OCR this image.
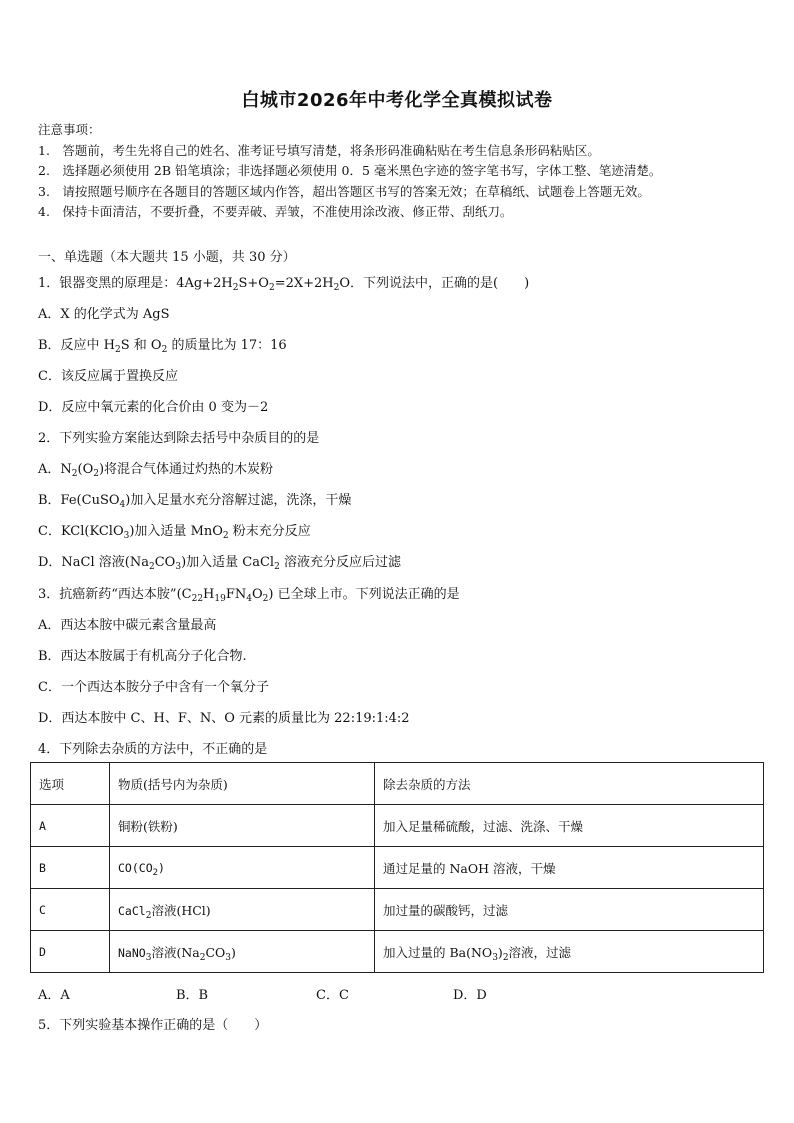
白城市2026年中考化学全真模拟试卷
注意事项：
1.　答题前，考生先将自己的姓名、准考证号填写清楚，将条形码准确粘贴在考生信息条形码粘贴区。
2.　选择题必须使用 2B 铅笔填涂；非选择题必须使用 0．5 毫米黑色字迹的签字笔书写，字体工整、笔迹清楚。
3.　请按照题号顺序在各题目的答题区域内作答，超出答题区书写的答案无效；在草稿纸、试题卷上答题无效。
4.　保持卡面清洁，不要折叠，不要弄破、弄皱，不准使用涂改液、修正带、刮纸刀。
一、单选题（本大题共 15 小题，共 30 分）
1．银器变黑的原理是：$4Ag+2H_2S+O_2=2X+2H_2O$．下列说法中，正确的是(　　)
A．X 的化学式为 AgS
B．反应中 $H_2S$ 和 $O_2$ 的质量比为 17：16
C．该反应属于置换反应
D．反应中氧元素的化合价由 0 变为－2
2．下列实验方案能达到除去括号中杂质目的的是
A．$N_2(O_2)$将混合气体通过灼热的木炭粉
B．Fe(CuSO$_4$)加入足量水充分溶解过滤，洗涤，干燥
C．KCl(KClO$_3$)加入适量 MnO$_2$ 粉末充分反应
D．NaCl 溶液$(Na_2CO_3)$加入适量 CaCl$_2$ 溶液充分反应后过滤
3．抗癌新药“西达本胺$”(C_{22}H_{19}FN_4O_2)$ 已全球上市。下列说法正确的是
A．西达本胺中碳元素含量最高
B．西达本胺属于有机高分子化合物.
C．一个西达本胺分子中含有一个氧分子
D．西达本胺中 C、H、F、N、O 元素的质量比为 22:19:1:4:2
4．下列除去杂质的方法中，不正确的是
选项	物质(括号内为杂质)	除去杂质的方法
A	铜粉(铁粉)	加入足量稀硫酸，过滤、洗涤、干燥
B	$CO(CO_2)$	通过足量的 NaOH 溶液，干燥
C	CaCl$_2$溶液(HCl)	加过量的碳酸钙，过滤
D	NaNO$_3$溶液$(Na_2CO_3)$	加入过量的 $Ba(NO_3)_2$溶液，过滤
A．A	B．B	C．C	D．D
5．下列实验基本操作正确的是（　　）
